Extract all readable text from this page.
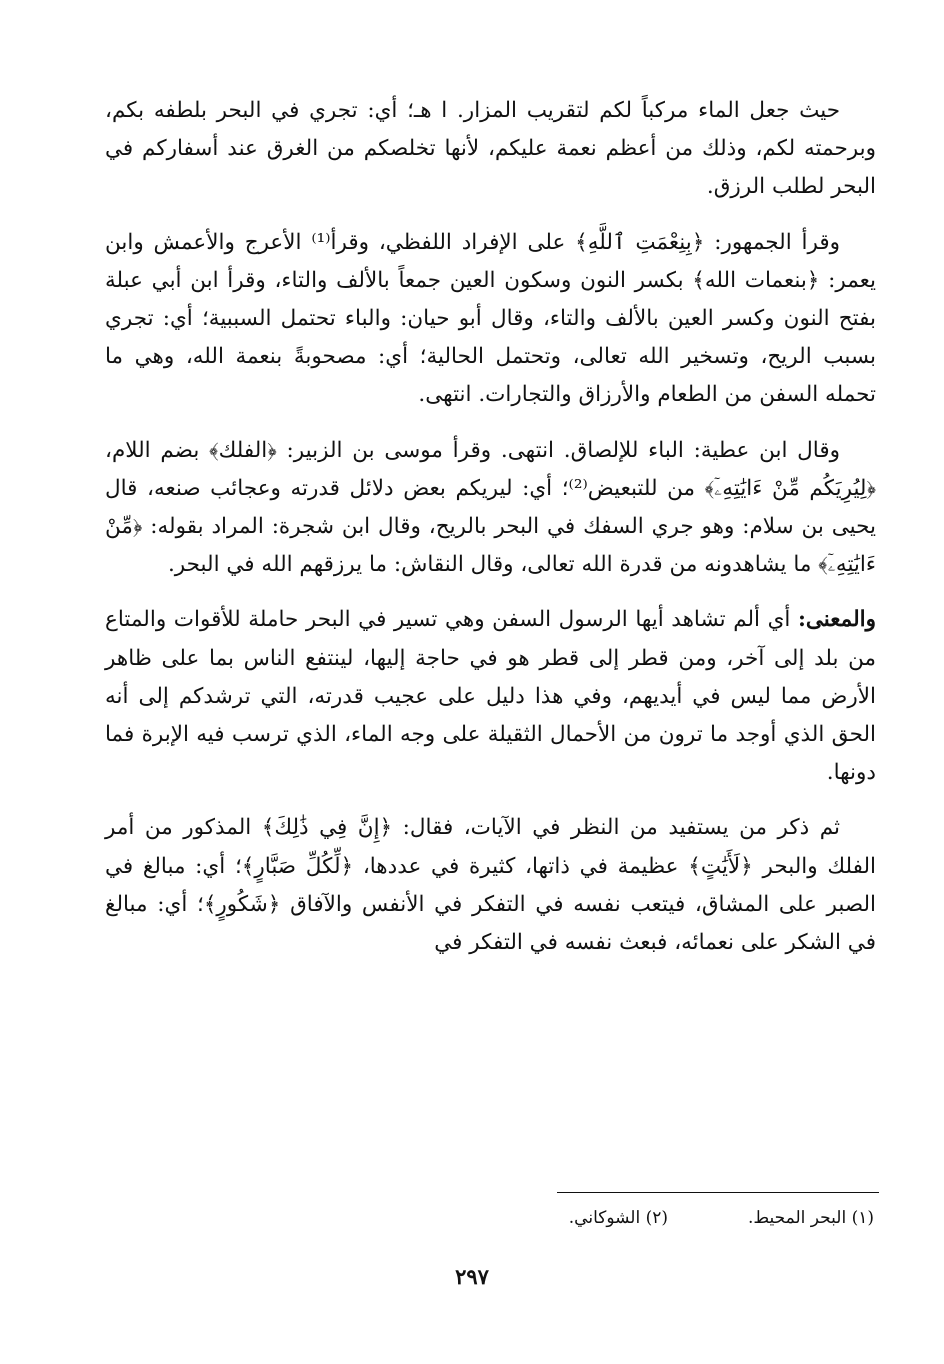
حيث جعل الماء مركباً لكم لتقريب المزار. ا هـ؛ أي: تجري في البحر بلطفه بكم، وبرحمته لكم، وذلك من أعظم نعمة عليكم، لأنها تخلصكم من الغرق عند أسفاركم في البحر لطلب الرزق.

وقرأ الجمهور: ﴿بِنِعْمَتِ ٱللَّهِ﴾ على الإفراد اللفظي، وقرأ⁽¹⁾ الأعرج والأعمش وابن يعمر: ﴿بنعمات الله﴾ بكسر النون وسكون العين جمعاً بالألف والتاء، وقرأ ابن أبي عبلة بفتح النون وكسر العين بالألف والتاء، وقال أبو حيان: والباء تحتمل السببية؛ أي: تجري بسبب الريح، وتسخير الله تعالى، وتحتمل الحالية؛ أي: مصحوبةً بنعمة الله، وهي ما تحمله السفن من الطعام والأرزاق والتجارات. انتهى.

وقال ابن عطية: الباء للإلصاق. انتهى. وقرأ موسى بن الزبير: ﴿الفلك﴾ بضم اللام، ﴿لِيُرِيَكُم مِّنْ ءَايَٰتِهِۦٓ﴾ من للتبعيض⁽²⁾؛ أي: ليريكم بعض دلائل قدرته وعجائب صنعه، قال يحيى بن سلام: وهو جري السفك في البحر بالريح، وقال ابن شجرة: المراد بقوله: ﴿مِّنْ ءَايَٰتِهِۦٓ﴾ ما يشاهدونه من قدرة الله تعالى، وقال النقاش: ما يرزقهم الله في البحر.

والمعنى: أي ألم تشاهد أيها الرسول السفن وهي تسير في البحر حاملة للأقوات والمتاع من بلد إلى آخر، ومن قطر إلى قطر هو في حاجة إليها، لينتفع الناس بما على ظاهر الأرض مما ليس في أيديهم، وفي هذا دليل على عجيب قدرته، التي ترشدكم إلى أنه الحق الذي أوجد ما ترون من الأحمال الثقيلة على وجه الماء، الذي ترسب فيه الإبرة فما دونها.

ثم ذكر من يستفيد من النظر في الآيات، فقال: ﴿إِنَّ فِي ذَٰلِكَ﴾ المذكور من أمر الفلك والبحر ﴿لَأَيَٰتٍ﴾ عظيمة في ذاتها، كثيرة في عددها، ﴿لِّكُلِّ صَبَّارٍ﴾؛ أي: مبالغ في الصبر على المشاق، فيتعب نفسه في التفكر في الأنفس والآفاق ﴿شَكُورٍ﴾؛ أي: مبالغ في الشكر على نعمائه، فبعث نفسه في التفكر في

(١) البحر المحيط.
(٢) الشوكاني.
٢٩٧
